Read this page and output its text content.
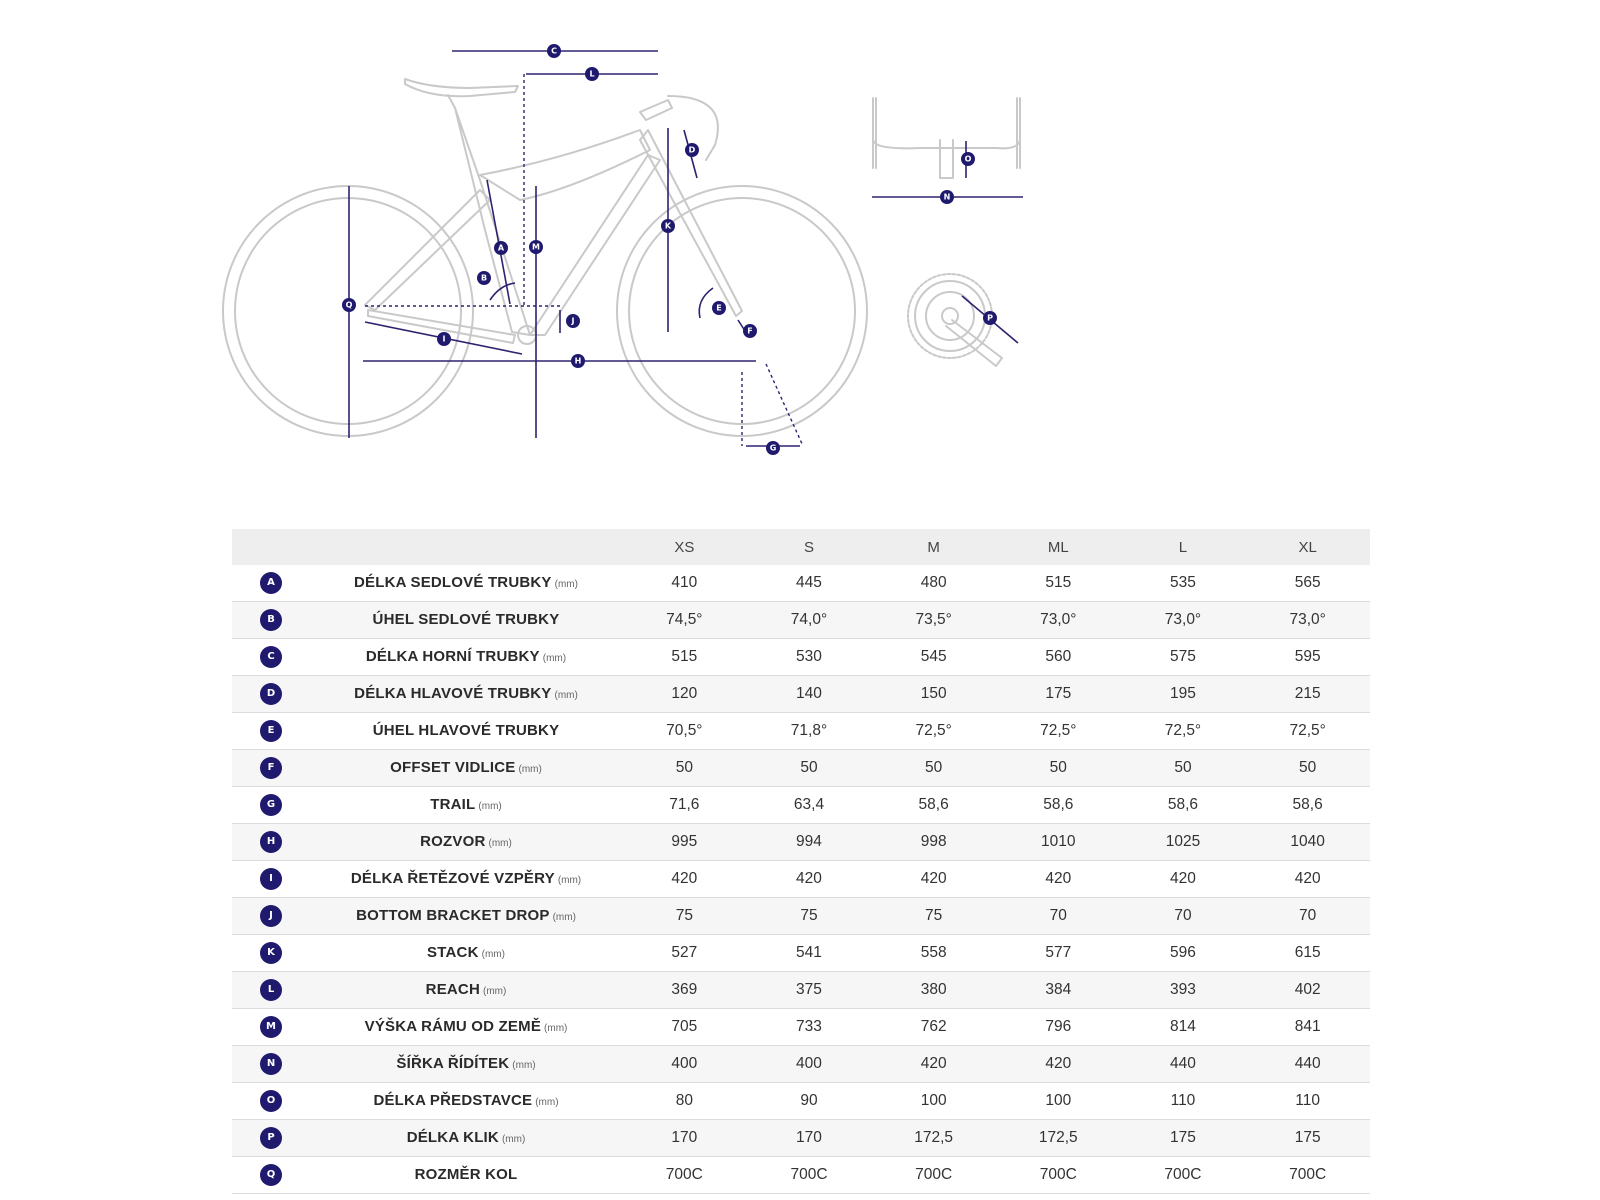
C
L
D
K
A	M
B
Q
J
I
H
E
F
G
O
N
P
		XS	S	M	ML	L	XL
A	DÉLKA SEDLOVÉ TRUBKY (mm)	410	445	480	515	535	565
B	ÚHEL SEDLOVÉ TRUBKY	74,5°	74,0°	73,5°	73,0°	73,0°	73,0°
C	DÉLKA HORNÍ TRUBKY (mm)	515	530	545	560	575	595
D	DÉLKA HLAVOVÉ TRUBKY (mm)	120	140	150	175	195	215
E	ÚHEL HLAVOVÉ TRUBKY	70,5°	71,8°	72,5°	72,5°	72,5°	72,5°
F	OFFSET VIDLICE (mm)	50	50	50	50	50	50
G	TRAIL (mm)	71,6	63,4	58,6	58,6	58,6	58,6
H	ROZVOR (mm)	995	994	998	1010	1025	1040
I	DÉLKA ŘETĚZOVÉ VZPĚRY (mm)	420	420	420	420	420	420
J	BOTTOM BRACKET DROP (mm)	75	75	75	70	70	70
K	STACK (mm)	527	541	558	577	596	615
L	REACH (mm)	369	375	380	384	393	402
M	VÝŠKA RÁMU OD ZEMĚ (mm)	705	733	762	796	814	841
N	ŠÍŘKA ŘÍDÍTEK (mm)	400	400	420	420	440	440
O	DÉLKA PŘEDSTAVCE (mm)	80	90	100	100	110	110
P	DÉLKA KLIK (mm)	170	170	172,5	172,5	175	175
Q	ROZMĚR KOL	700C	700C	700C	700C	700C	700C
